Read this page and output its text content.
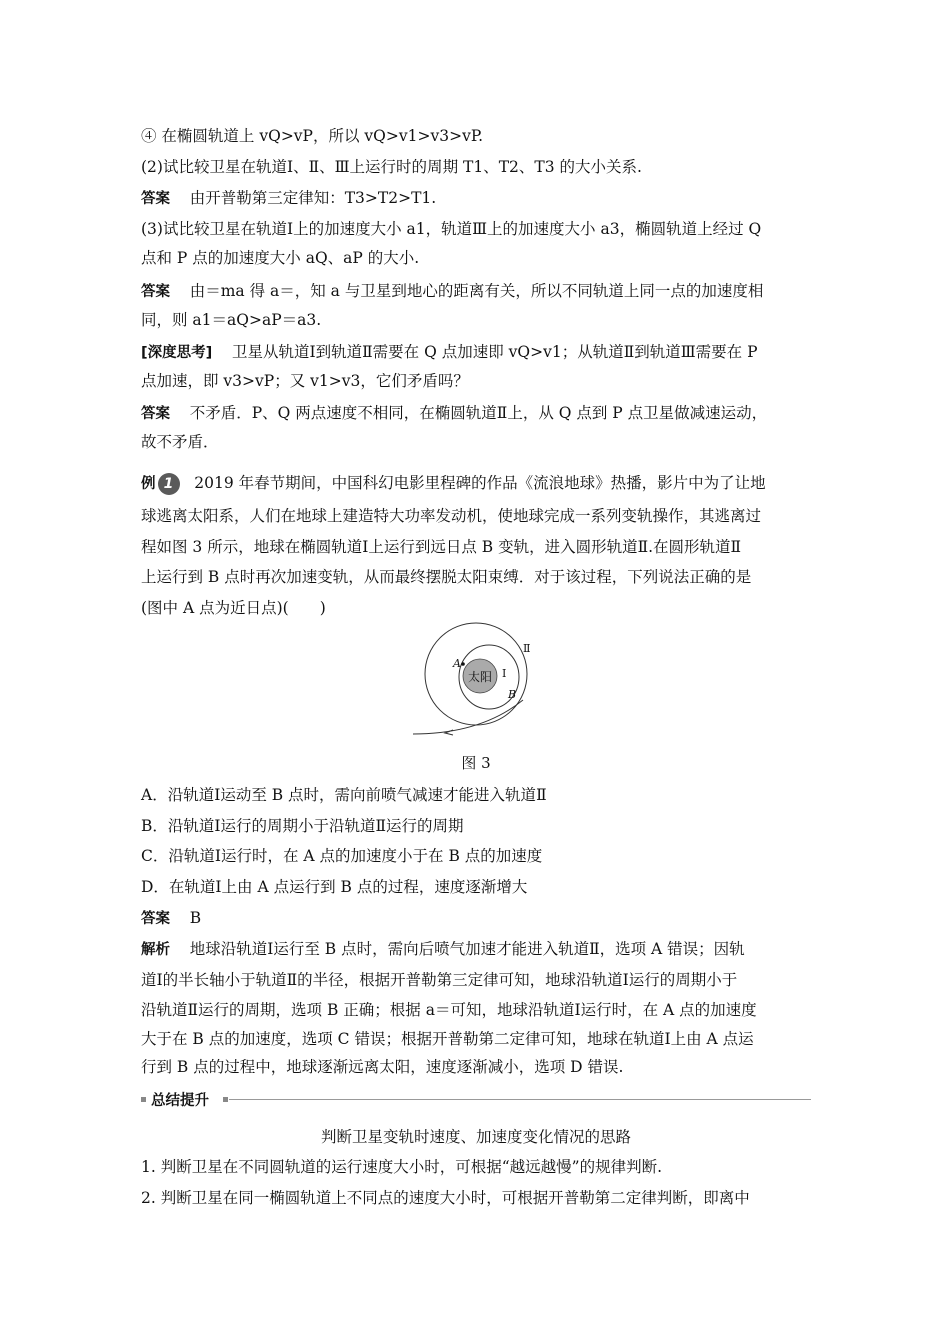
④ 在椭圆轨道上 vQ>vP，所以 vQ>v1>v3>vP.
(2)试比较卫星在轨道Ⅰ、Ⅱ、Ⅲ上运行时的周期 T1、T2、T3 的大小关系.
答案 由开普勒第三定律知：T3>T2>T1.
(3)试比较卫星在轨道Ⅰ上的加速度大小 a1，轨道Ⅲ上的加速度大小 a3，椭圆轨道上经过 Q
点和 P 点的加速度大小 aQ、aP 的大小.
答案 由＝ma 得 a＝，知 a 与卫星到地心的距离有关，所以不同轨道上同一点的加速度相
同，则 a1＝aQ>aP＝a3.
[深度思考] 卫星从轨道Ⅰ到轨道Ⅱ需要在 Q 点加速即 vQ>v1；从轨道Ⅱ到轨道Ⅲ需要在 P
点加速，即 v3>vP；又 v1>v3，它们矛盾吗？
答案 不矛盾．P、Q 两点速度不相同，在椭圆轨道Ⅱ上，从 Q 点到 P 点卫星做减速运动，
故不矛盾．
例 1 2019 年春节期间，中国科幻电影里程碑的作品《流浪地球》热播，影片中为了让地
球逃离太阳系，人们在地球上建造特大功率发动机，使地球完成一系列变轨操作，其逃离过
程如图 3 所示，地球在椭圆轨道Ⅰ上运行到远日点 B 变轨，进入圆形轨道Ⅱ.在圆形轨道Ⅱ
上运行到 B 点时再次加速变轨，从而最终摆脱太阳束缚．对于该过程，下列说法正确的是
(图中 A 点为近日点)(　　)
太阳
A
B
Ⅰ
Ⅱ
图 3
A．沿轨道Ⅰ运动至 B 点时，需向前喷气减速才能进入轨道Ⅱ
B．沿轨道Ⅰ运行的周期小于沿轨道Ⅱ运行的周期
C．沿轨道Ⅰ运行时，在 A 点的加速度小于在 B 点的加速度
D．在轨道Ⅰ上由 A 点运行到 B 点的过程，速度逐渐增大
答案 B
解析 地球沿轨道Ⅰ运行至 B 点时，需向后喷气加速才能进入轨道Ⅱ，选项 A 错误；因轨
道Ⅰ的半长轴小于轨道Ⅱ的半径，根据开普勒第三定律可知，地球沿轨道Ⅰ运行的周期小于
沿轨道Ⅱ运行的周期，选项 B 正确；根据 a＝可知，地球沿轨道Ⅰ运行时，在 A 点的加速度
大于在 B 点的加速度，选项 C 错误；根据开普勒第二定律可知，地球在轨道Ⅰ上由 A 点运
行到 B 点的过程中，地球逐渐远离太阳，速度逐渐减小，选项 D 错误.
总结提升
判断卫星变轨时速度、加速度变化情况的思路
1. 判断卫星在不同圆轨道的运行速度大小时，可根据“越远越慢”的规律判断.
2. 判断卫星在同一椭圆轨道上不同点的速度大小时，可根据开普勒第二定律判断，即离中
